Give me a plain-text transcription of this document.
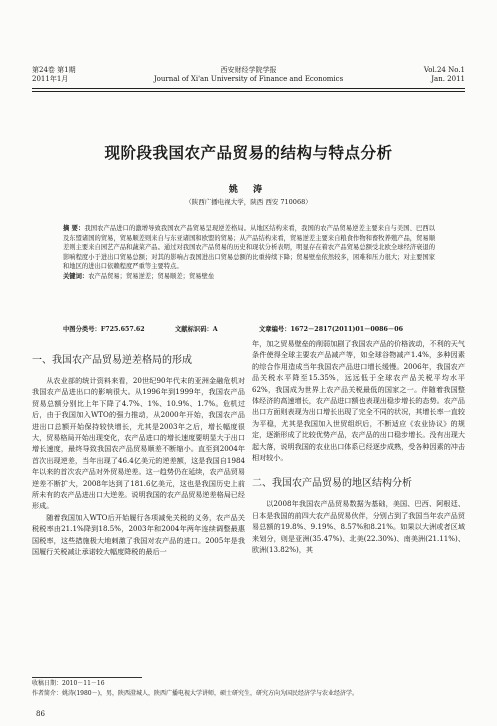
第24卷 第1期
2011年1月
西安财经学院学报
Journal of Xi'an University of Finance and Economics
Vol.24 No.1
Jan. 2011
现阶段我国农产品贸易的结构与特点分析
姚 涛
（陕西广播电视大学，陕西 西安 710068）
摘 要：我国农产品进口的激增导致我国农产品贸易呈现逆差格局。从地区结构来看，我国的农产品贸易逆差主要来自与美国、巴西以及东盟诸国的贸易，贸易顺差则来自与东亚诸国和欧盟的贸易；从产品结构来看，贸易逆差主要来自粮食作物和畜牧养殖产品，贸易顺差则主要来自园艺产品和蔬菜产品。通过对我国农产品贸易的历史和现状分析表明，明显存在着农产品贸易总额受北欧全球经济衰退的影响程度小于进出口贸易总额；对其的影响占我国进出口贸易总额的比重持续下降；贸易壁垒依然较多，困难和压力很大；对主要国家和地区的进出口依赖程度严重等主要特点。
关键词：农产品贸易；贸易逆差；贸易顺差；贸易壁垒
中图分类号：F725.657.62	文献标识码：A	文章编号：1672－2817(2011)01－0086－06
一、我国农产品贸易逆差格局的形成

从农业部的统计资料来看，20世纪90年代末的亚洲金融危机对我国农产品进出口的影响很大。从1996年到1999年，我国农产品贸易总额分别比上年下降了4.7%、1%、10.9%、1.7%。危机过后，由于我国加入WTO的强力推动，从2000年开始，我国农产品进出口总额开始保持较快增长，尤其是2003年之后，增长幅度很大，贸易格局开始出现变化，农产品进口的增长速度要明显大于出口增长速度，最终导致我国农产品贸易顺差不断缩小。直至到2004年首次出现逆差，当年出现了46.4亿美元的逆差额，这是我国自1984年以来的首次农产品对外贸易逆差。这一趋势仍在延续，农产品贸易逆差不断扩大，2008年达到了181.6亿美元，这也是我国历史上前所未有的农产品进出口大逆差。说明我国的农产品贸易逆差格局已经形成。

随着我国加入WTO后开始履行各项减免关税的义务，农产品关税税率由21.1%降到18.5%，2003年和2004年两年连续调整最惠国税率，这些措施极大地刺激了我国对农产品的进口。2005年是我国履行关税减让承诺较大幅度降税的最后一

年，加之贸易壁垒的削弱加剧了我国农产品的价格波动，不利的天气条件使得全球主要农产品减产等，如全球谷物减产1.4%，多种因素的综合作用造成当年我国农产品进口增长缓慢。2006年，我国农产品关税水平降至15.35%，远远低于全球农产品关税平均水平62%，我国成为世界上农产品关税最低的国家之一。伴随着我国整体经济的高速增长，农产品进口额也表现出稳步增长的态势。农产品出口方面则表现为出口增长出现了完全不同的状况，其增长率一直较为平稳，尤其是我国加入世贸组织后，不断适应《农业协议》的规定，逐渐形成了比较优势产品，农产品的出口稳步增长。没有出现大起大落，说明我国的农业出口体系已经逐步成熟，受各种因素的冲击相对较小。

二、我国农产品贸易的地区结构分析

以2008年我国农产品贸易数据为基础，美国、巴西、阿根廷、日本是我国的前四大农产品贸易伙伴，分别占到了我国当年农产品贸易总额的19.8%、9.19%、8.57%和8.21%。如果以大洲或者区域来划分，则是亚洲(35.47%)、北美(22.30%)、南美洲(21.11%)、欧洲(13.82%)，其

收稿日期：2010－11－16
作者简介：姚涛(1980－)，男，陕西澄城人，陕西广播电视大学讲师，硕士研究生，研究方向为国民经济学与农业经济学。
86
